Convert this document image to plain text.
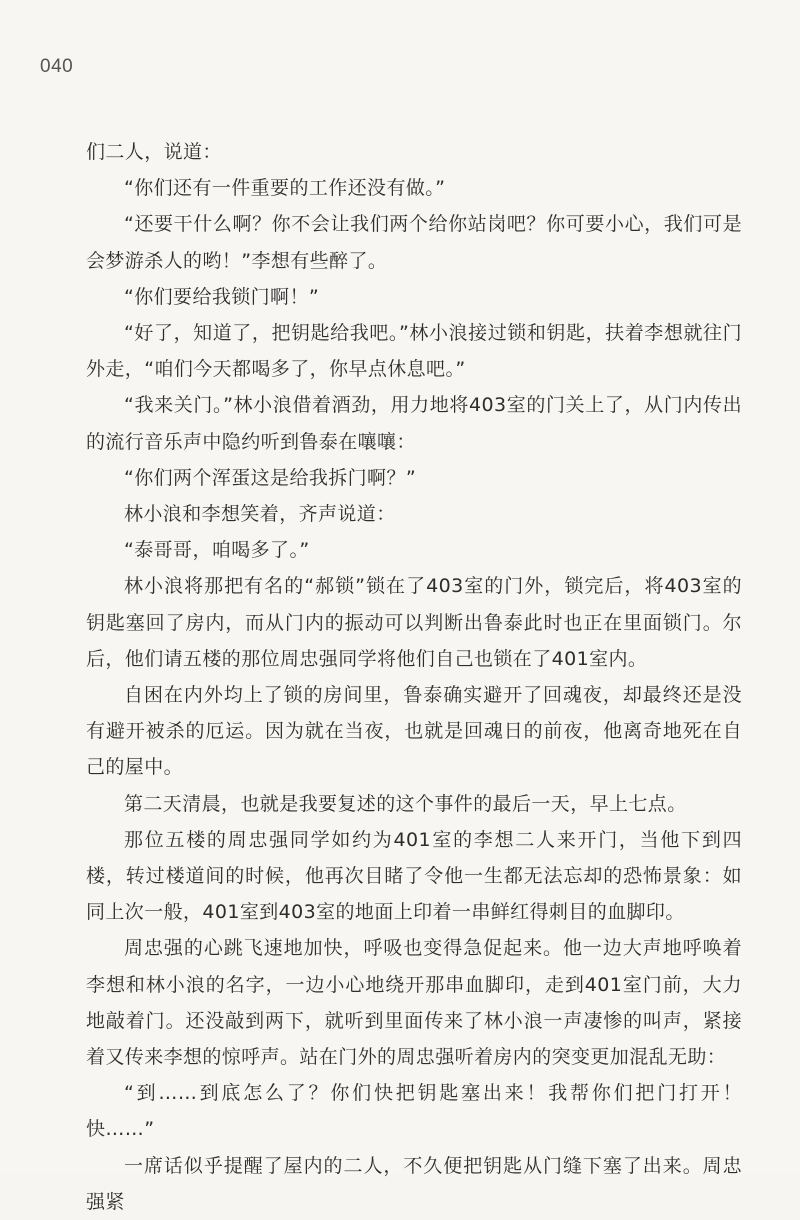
040

们二人，说道：

“你们还有一件重要的工作还没有做。”

“还要干什么啊？你不会让我们两个给你站岗吧？你可要小心，我们可是会梦游杀人的哟！”李想有些醉了。

“你们要给我锁门啊！”

“好了，知道了，把钥匙给我吧。”林小浪接过锁和钥匙，扶着李想就往门外走，“咱们今天都喝多了，你早点休息吧。”

“我来关门。”林小浪借着酒劲，用力地将403室的门关上了，从门内传出的流行音乐声中隐约听到鲁泰在嚷嚷：

“你们两个浑蛋这是给我拆门啊？”

林小浪和李想笑着，齐声说道：

“泰哥哥，咱喝多了。”

林小浪将那把有名的“郝锁”锁在了403室的门外，锁完后，将403室的钥匙塞回了房内，而从门内的振动可以判断出鲁泰此时也正在里面锁门。尔后，他们请五楼的那位周忠强同学将他们自己也锁在了401室内。

自困在内外均上了锁的房间里，鲁泰确实避开了回魂夜，却最终还是没有避开被杀的厄运。因为就在当夜，也就是回魂日的前夜，他离奇地死在自己的屋中。

第二天清晨，也就是我要复述的这个事件的最后一天，早上七点。

那位五楼的周忠强同学如约为401室的李想二人来开门，当他下到四楼，转过楼道间的时候，他再次目睹了令他一生都无法忘却的恐怖景象：如同上次一般，401室到403室的地面上印着一串鲜红得刺目的血脚印。

周忠强的心跳飞速地加快，呼吸也变得急促起来。他一边大声地呼唤着李想和林小浪的名字，一边小心地绕开那串血脚印，走到401室门前，大力地敲着门。还没敲到两下，就听到里面传来了林小浪一声凄惨的叫声，紧接着又传来李想的惊呼声。站在门外的周忠强听着房内的突变更加混乱无助：

“到……到底怎么了？你们快把钥匙塞出来！我帮你们把门打开！快……”

一席话似乎提醒了屋内的二人，不久便把钥匙从门缝下塞了出来。周忠强紧
